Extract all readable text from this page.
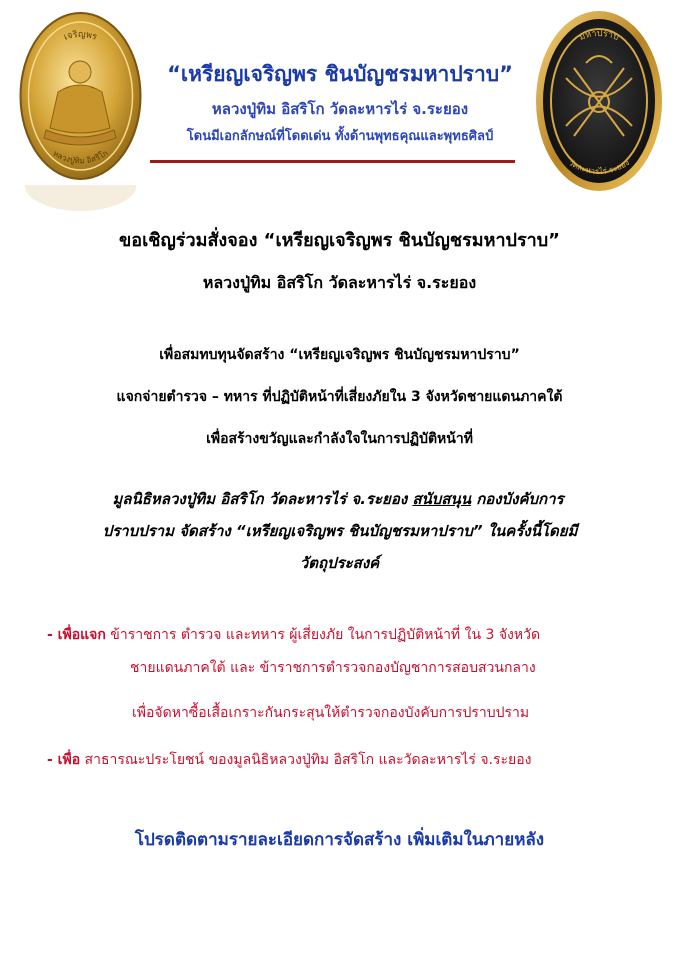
เจริญพร
หลวงปู่ทิม อิสริโก
“เหรียญเจริญพร ชินบัญชรมหาปราบ”
หลวงปู่ทิม อิสริโก วัดละหารไร่ จ.ระยอง
โดนมีเอกลักษณ์ที่โดดเด่น ทั้งด้านพุทธคุณและพุทธศิลป์
มหาปราบ
วัดละหารไร่ ระยอง
ขอเชิญร่วมสั่งจอง “เหรียญเจริญพร ชินบัญชรมหาปราบ”
หลวงปู่ทิม อิสริโก วัดละหารไร่ จ.ระยอง
เพื่อสมทบทุนจัดสร้าง “เหรียญเจริญพร ชินบัญชรมหาปราบ”
แจกจ่ายตำรวจ – ทหาร ที่ปฏิบัติหน้าที่เสี่ยงภัยใน 3 จังหวัดชายแดนภาคใต้
เพื่อสร้างขวัญและกำลังใจในการปฏิบัติหน้าที่
มูลนิธิหลวงปู่ทิม อิสริโก วัดละหารไร่ จ.ระยอง สนับสนุน กองบังคับการ
ปราบปราม จัดสร้าง “เหรียญเจริญพร ชินบัญชรมหาปราบ” ในครั้งนี้โดยมี
วัตถุประสงค์
- เพื่อแจก ข้าราชการ ตำรวจ และทหาร ผู้เสี่ยงภัย ในการปฏิบัติหน้าที่ ใน 3 จังหวัด
ชายแดนภาคใต้ และ ข้าราชการตำรวจกองบัญชาการสอบสวนกลาง
เพื่อจัดหาซื้อเสื้อเกราะกันกระสุนให้ตำรวจกองบังคับการปราบปราม
- เพื่อ สาธารณะประโยชน์ ของมูลนิธิหลวงปู่ทิม อิสริโก และวัดละหารไร่ จ.ระยอง
โปรดติดตามรายละเอียดการจัดสร้าง เพิ่มเติมในภายหลัง
